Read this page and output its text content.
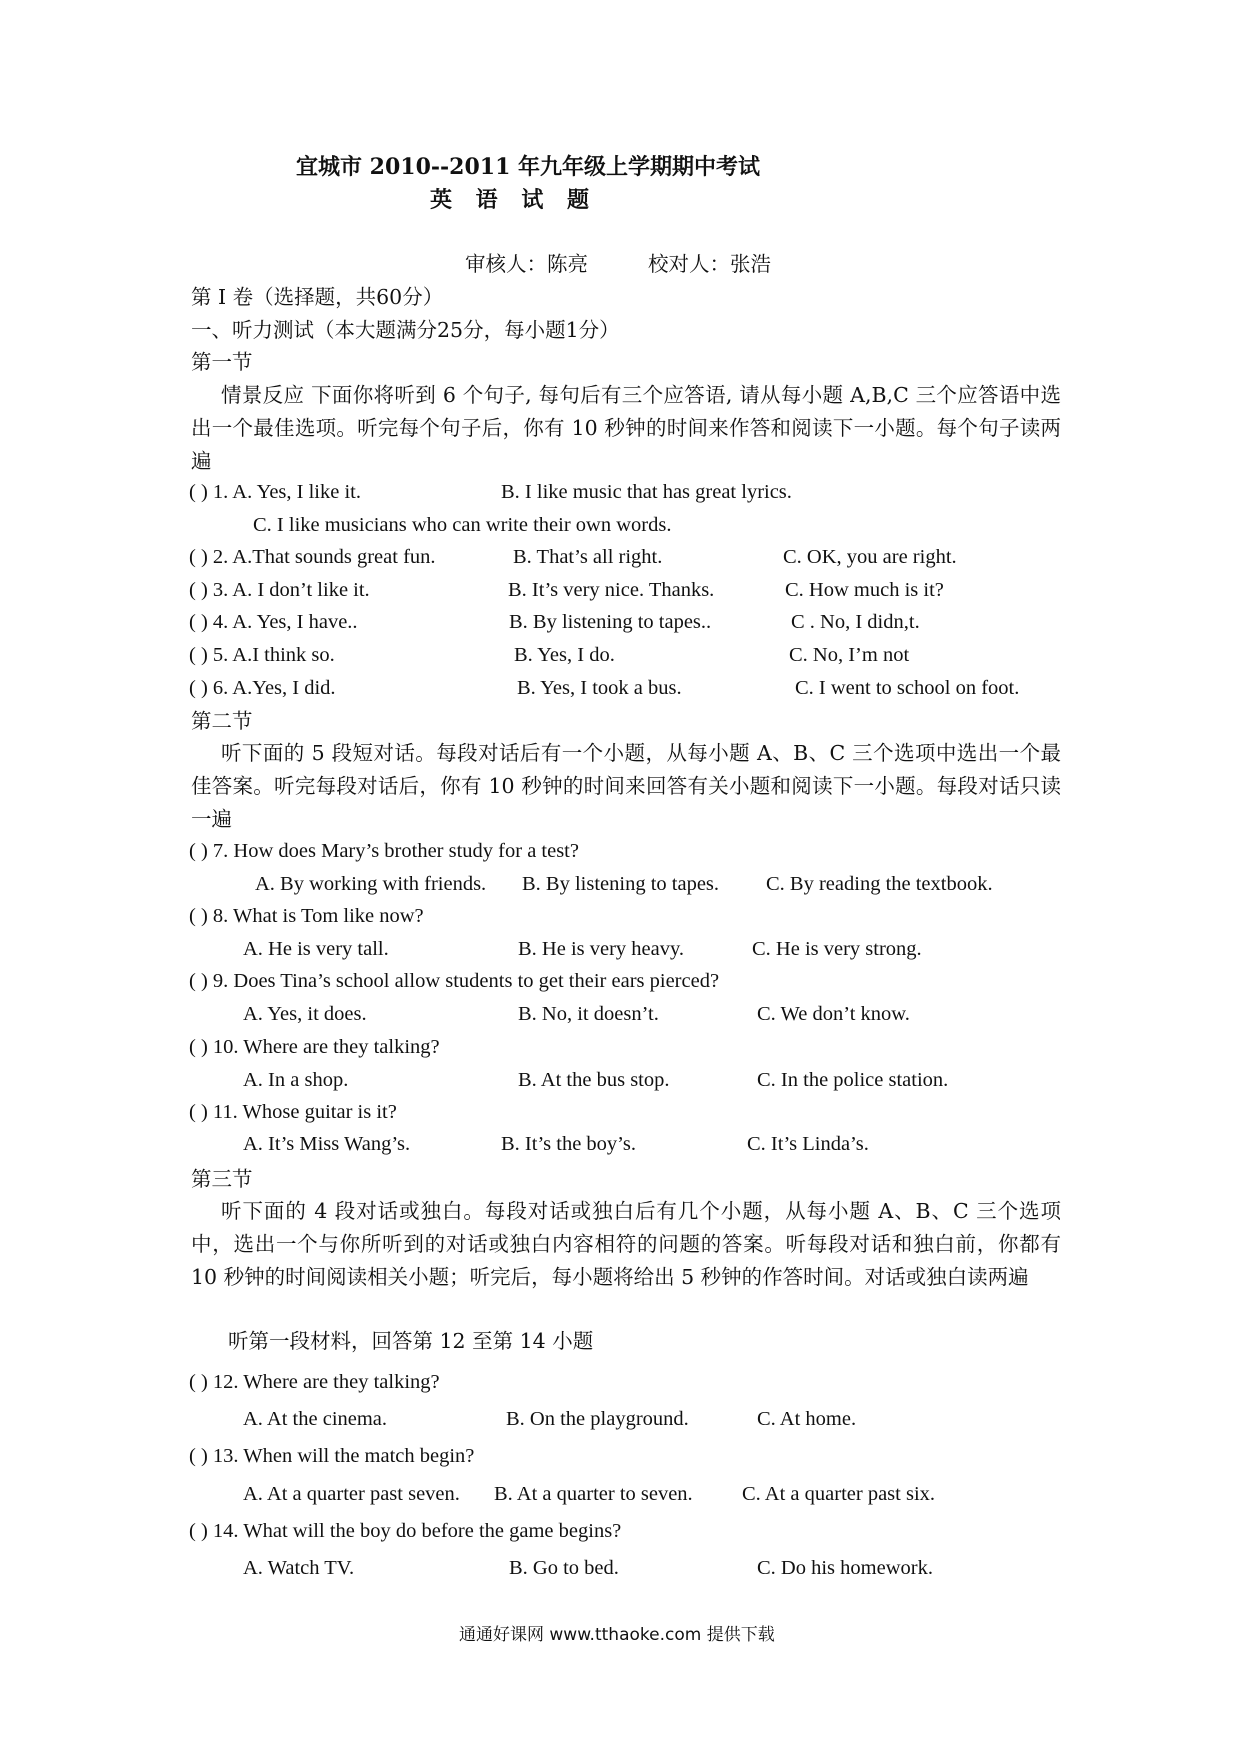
宜城市 2010--2011 年九年级上学期期中考试
英 语 试 题
审核人：陈亮	校对人：张浩
第 I 卷（选择题，共60分）
一、听力测试（本大题满分25分，每小题1分）
第一节
情景反应 下面你将听到 6 个句子, 每句后有三个应答语, 请从每小题 A,B,C 三个应答语中选出一个最佳选项。听完每个句子后，你有 10 秒钟的时间来作答和阅读下一小题。每个句子读两遍
( ) 1. A. Yes, I like it.	B. I like music that has great lyrics.
C. I like musicians who can write their own words.
( ) 2. A.That sounds great fun.	B. That’s all right.	C. OK, you are right.
( ) 3. A. I don’t like it.	B. It’s very nice. Thanks.	C. How much is it?
( ) 4. A. Yes, I have..	B. By listening to tapes..	C . No, I didn,t.
( ) 5. A.I think so.	B. Yes, I do.	C. No, I’m not
( ) 6. A.Yes, I did.	B. Yes, I took a bus.	C. I went to school on foot.
第二节
听下面的 5 段短对话。每段对话后有一个小题，从每小题 A、B、C 三个选项中选出一个最佳答案。听完每段对话后，你有 10 秒钟的时间来回答有关小题和阅读下一小题。每段对话只读一遍
( ) 7. How does Mary’s brother study for a test?
A. By working with friends. B. By listening to tapes. C. By reading the textbook.
( ) 8. What is Tom like now?
A. He is very tall.	B. He is very heavy.	C. He is very strong.
( ) 9. Does Tina’s school allow students to get their ears pierced?
A. Yes, it does.	B. No, it doesn’t.	C. We don’t know.
( ) 10. Where are they talking?
A. In a shop.	B. At the bus stop.	C. In the police station.
( ) 11. Whose guitar is it?
A. It’s Miss Wang’s.	B. It’s the boy’s.	C. It’s Linda’s.
第三节
听下面的 4 段对话或独白。每段对话或独白后有几个小题，从每小题 A、B、C 三个选项中，选出一个与你所听到的对话或独白内容相符的问题的答案。听每段对话和独白前，你都有 10 秒钟的时间阅读相关小题；听完后，每小题将给出 5 秒钟的作答时间。对话或独白读两遍
听第一段材料，回答第 12 至第 14 小题
( ) 12. Where are they talking?
A. At the cinema.	B. On the playground.	C. At home.
( ) 13. When will the match begin?
A. At a quarter past seven. B. At a quarter to seven. C. At a quarter past six.
( ) 14. What will the boy do before the game begins?
A. Watch TV.	B. Go to bed.	C. Do his homework.
通通好课网 www.tthaoke.com 提供下载
